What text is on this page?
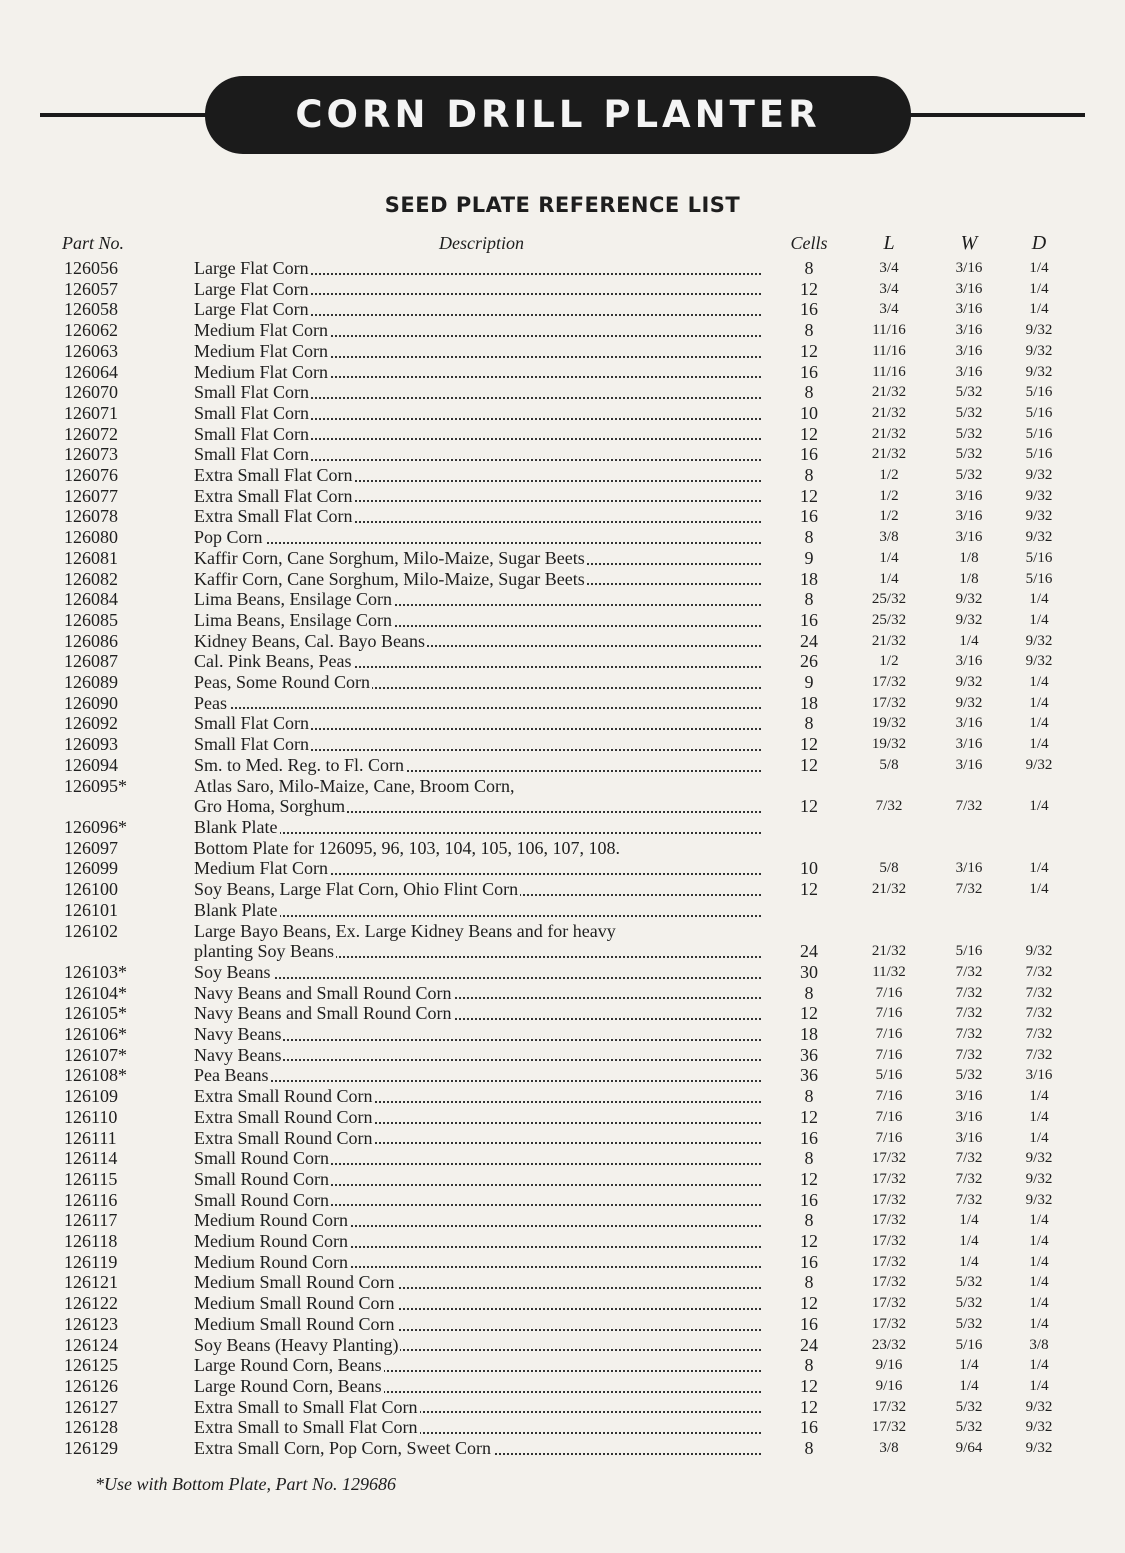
CORN DRILL PLANTER
SEED PLATE REFERENCE LIST
Part No.	Description	Cells	L	W	D
126056	Large Flat Corn	8	3/4	3/16	1/4
126057	Large Flat Corn	12	3/4	3/16	1/4
126058	Large Flat Corn	16	3/4	3/16	1/4
126062	Medium Flat Corn	8	11/16	3/16	9/32
126063	Medium Flat Corn	12	11/16	3/16	9/32
126064	Medium Flat Corn	16	11/16	3/16	9/32
126070	Small Flat Corn	8	21/32	5/32	5/16
126071	Small Flat Corn	10	21/32	5/32	5/16
126072	Small Flat Corn	12	21/32	5/32	5/16
126073	Small Flat Corn	16	21/32	5/32	5/16
126076	Extra Small Flat Corn	8	1/2	5/32	9/32
126077	Extra Small Flat Corn	12	1/2	3/16	9/32
126078	Extra Small Flat Corn	16	1/2	3/16	9/32
126080	Pop Corn	8	3/8	3/16	9/32
126081	Kaffir Corn, Cane Sorghum, Milo-Maize, Sugar Beets	9	1/4	1/8	5/16
126082	Kaffir Corn, Cane Sorghum, Milo-Maize, Sugar Beets	18	1/4	1/8	5/16
126084	Lima Beans, Ensilage Corn	8	25/32	9/32	1/4
126085	Lima Beans, Ensilage Corn	16	25/32	9/32	1/4
126086	Kidney Beans, Cal. Bayo Beans	24	21/32	1/4	9/32
126087	Cal. Pink Beans, Peas	26	1/2	3/16	9/32
126089	Peas, Some Round Corn	9	17/32	9/32	1/4
126090	Peas	18	17/32	9/32	1/4
126092	Small Flat Corn	8	19/32	3/16	1/4
126093	Small Flat Corn	12	19/32	3/16	1/4
126094	Sm. to Med. Reg. to Fl. Corn	12	5/8	3/16	9/32
126095*	Atlas Saro, Milo-Maize, Cane, Broom Corn,				

Gro Homa, Sorghum	12	7/32	7/32	1/4
126096*	Blank Plate				
126097	Bottom Plate for 126095, 96, 103, 104, 105, 106, 107, 108.				
126099	Medium Flat Corn	10	5/8	3/16	1/4
126100	Soy Beans, Large Flat Corn, Ohio Flint Corn	12	21/32	7/32	1/4
126101	Blank Plate				
126102	Large Bayo Beans, Ex. Large Kidney Beans and for heavy				

planting Soy Beans	24	21/32	5/16	9/32
126103*	Soy Beans	30	11/32	7/32	7/32
126104*	Navy Beans and Small Round Corn	8	7/16	7/32	7/32
126105*	Navy Beans and Small Round Corn	12	7/16	7/32	7/32
126106*	Navy Beans	18	7/16	7/32	7/32
126107*	Navy Beans	36	7/16	7/32	7/32
126108*	Pea Beans	36	5/16	5/32	3/16
126109	Extra Small Round Corn	8	7/16	3/16	1/4
126110	Extra Small Round Corn	12	7/16	3/16	1/4
126111	Extra Small Round Corn	16	7/16	3/16	1/4
126114	Small Round Corn	8	17/32	7/32	9/32
126115	Small Round Corn	12	17/32	7/32	9/32
126116	Small Round Corn	16	17/32	7/32	9/32
126117	Medium Round Corn	8	17/32	1/4	1/4
126118	Medium Round Corn	12	17/32	1/4	1/4
126119	Medium Round Corn	16	17/32	1/4	1/4
126121	Medium Small Round Corn	8	17/32	5/32	1/4
126122	Medium Small Round Corn	12	17/32	5/32	1/4
126123	Medium Small Round Corn	16	17/32	5/32	1/4
126124	Soy Beans (Heavy Planting)	24	23/32	5/16	3/8
126125	Large Round Corn, Beans	8	9/16	1/4	1/4
126126	Large Round Corn, Beans	12	9/16	1/4	1/4
126127	Extra Small to Small Flat Corn	12	17/32	5/32	9/32
126128	Extra Small to Small Flat Corn	16	17/32	5/32	9/32
126129	Extra Small Corn, Pop Corn, Sweet Corn	8	3/8	9/64	9/32
*Use with Bottom Plate, Part No. 129686
